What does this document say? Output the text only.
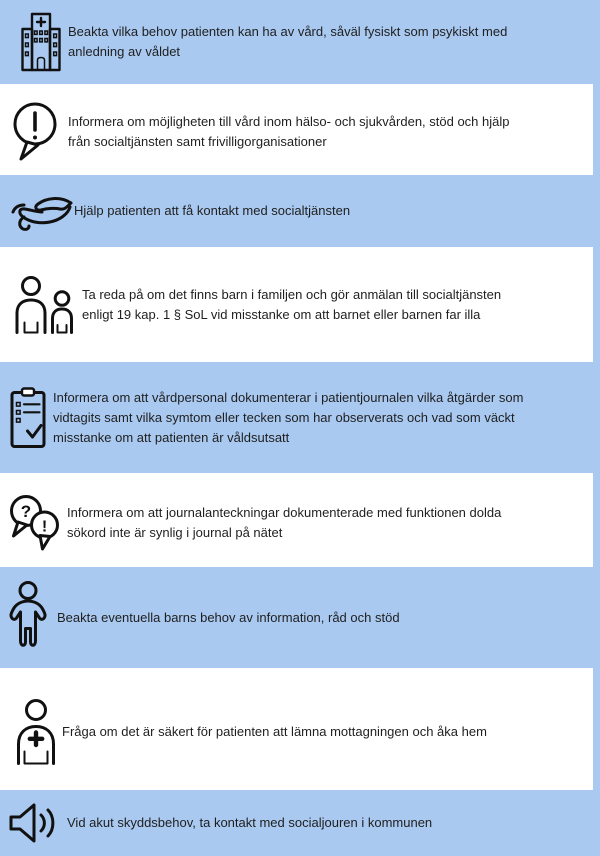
Beakta vilka behov patienten kan ha av vård, såväl fysiskt som psykiskt med
anledning av våldet
Informera om möjligheten till vård inom hälso- och sjukvården, stöd och hjälp
från socialtjänsten samt frivilligorganisationer
Hjälp patienten att få kontakt med socialtjänsten
Ta reda på om det finns barn i familjen och gör anmälan till socialtjänsten
enligt 19 kap. 1 § SoL vid misstanke om att barnet eller barnen far illa
Informera om att vårdpersonal dokumenterar i patientjournalen vilka åtgärder som
vidtagits samt vilka symtom eller tecken som har observerats och vad som väckt
misstanke om att patienten är våldsutsatt
?
!
Informera om att journalanteckningar dokumenterade med funktionen dolda
sökord inte är synlig i journal på nätet
Beakta eventuella barns behov av information, råd och stöd
Fråga om det är säkert för patienten att lämna mottagningen och åka hem
Vid akut skyddsbehov, ta kontakt med socialjouren i kommunen
